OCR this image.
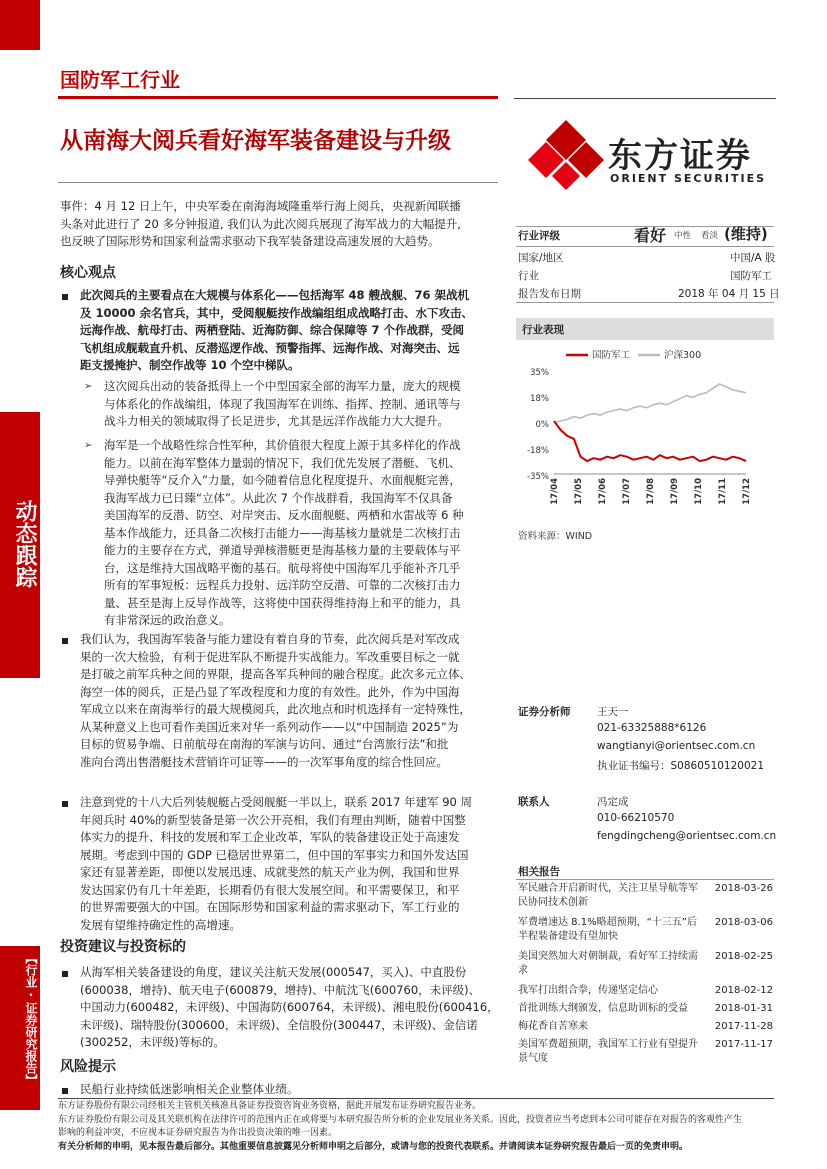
动态跟踪
【行业·证券研究报告】
国防军工行业
从南海大阅兵看好海军装备建设与升级	东方证券
ORIENT SECURITIES
事件：4 月 12 日上午，中央军委在南海海域隆重举行海上阅兵，央视新闻联播
头条对此进行了 20 多分钟报道, 我们认为此次阅兵展现了海军战力的大幅提升,
也反映了国际形势和国家利益需求驱动下我军装备建设高速发展的大趋势。
核心观点
此次阅兵的主要看点在大规模与体系化——包括海军 48 艘战舰、76 架战机
及 10000 余名官兵，其中，受阅舰艇按作战编组组成战略打击、水下攻击、
远海作战、航母打击、两栖登陆、近海防御、综合保障等 7 个作战群，受阅
飞机组成舰载直升机、反潜巡逻作战、预警指挥、远海作战、对海突击、远
距支援掩护、制空作战等 10 个空中梯队。
➢ 这次阅兵出动的装备抵得上一个中型国家全部的海军力量，庞大的规模
与体系化的作战编组，体现了我国海军在训练、指挥、控制、通讯等与
战斗力相关的领域取得了长足进步，尤其是远洋作战能力大大提升。
➢ 海军是一个战略性综合性军种，其价值很大程度上源于其多样化的作战
能力。以前在海军整体力量弱的情况下，我们优先发展了潜艇、飞机、
导弹快艇等“反介入”力量，如今随着信息化程度提升、水面舰艇完善，
我海军战力已日臻“立体”。从此次 7 个作战群看，我国海军不仅具备
美国海军的反潜、防空、对岸突击、反水面舰艇、两栖和水雷战等 6 种
基本作战能力，还具备二次核打击能力——海基核力量就是二次核打击
能力的主要存在方式，弹道导弹核潜艇更是海基核力量的主要载体与平
台，这是维持大国战略平衡的基石。航母将使中国海军几乎能补齐几乎
所有的军事短板：远程兵力投射、远洋防空反潜、可靠的二次核打击力
量、甚至是海上反导作战等，这将使中国获得维持海上和平的能力，具
有非常深远的政治意义。
我们认为，我国海军装备与能力建设有着自身的节奏，此次阅兵是对军改成
果的一次大检验，有利于促进军队不断提升实战能力。军改重要目标之一就
是打破之前军兵种之间的界限，提高各军兵种间的融合程度。此次多元立体、
海空一体的阅兵，正是凸显了军改程度和力度的有效性。此外，作为中国海
军成立以来在南海举行的最大规模阅兵，此次地点和时机选择有一定特殊性，
从某种意义上也可看作美国近来对华一系列动作——以“中国制造 2025”为
目标的贸易争端、日前航母在南海的军演与访问、通过“台湾旅行法”和批
准向台湾出售潜艇技术营销许可证等——的一次军事角度的综合性回应。
注意到党的十八大后列装舰艇占受阅舰艇一半以上，联系 2017 年建军 90 周
年阅兵时 40%的新型装备是第一次公开亮相，我们有理由判断，随着中国整
体实力的提升、科技的发展和军工企业改革，军队的装备建设正处于高速发
展期。考虑到中国的 GDP 已稳居世界第二，但中国的军事实力和国外发达国
家还有显著差距，即便以发展迅速、成就斐然的航天产业为例，我国和世界
发达国家仍有几十年差距，长期看仍有很大发展空间。和平需要保卫，和平
的世界需要强大的中国。在国际形势和国家利益的需求驱动下，军工行业的
发展有望维持确定性的高增速。
投资建议与投资标的
从海军相关装备建设的角度，建议关注航天发展(000547，买入)、中直股份
(600038，增持)、航天电子(600879，增持)、中航沈飞(600760，未评级)、
中国动力(600482，未评级)、中国海防(600764，未评级)、湘电股份(600416，
未评级)、瑞特股份(300600，未评级)、全信股份(300447，未评级)、金信诺
(300252，未评级)等标的。
风险提示
民船行业持续低迷影响相关企业整体业绩。
行业评级	看好 中性 看淡 (维持)
国家/地区	中国/A 股
行业	国防军工
报告发布日期	2018 年 04 月 15 日
行业表现
国防军工	沪深300
35%
18%
0%
-18%
-35%
17/04 17/05 17/06 17/07 17/08 17/09 17/10 17/11 17/12
资料来源：WIND
证券分析师	王天一
021-63325888*6126
wangtianyi@orientsec.com.cn
执业证书编号：S0860510120021
联系人	冯定成
010-66210570
fengdingcheng@orientsec.com.cn
相关报告
军民融合开启新时代，关注卫星导航等军 2018-03-26
民协同技术创新
军费增速达 8.1%略超预期，“十三五”后 2018-03-06
半程装备建设有望加快
美国突然加大对朝制裁，看好军工持续需 2018-02-25
求
我军打出组合拳，传递坚定信心	2018-02-12
首批训练大纲颁发，信息助训标的受益	2018-01-31
梅花香自苦寒来	2017-11-28
美国军费超预期，我国军工行业有望提升 2017-11-17
景气度
东方证券股份有限公司经相关主管机关核准具备证券投资咨询业务资格，据此开展发布证券研究报告业务。
东方证券股份有限公司及其关联机构在法律许可的范围内正在或将要与本研究报告所分析的企业发展业务关系。因此，投资者应当考虑到本公司可能存在对报告的客观性产生
影响的利益冲突，不应视本证券研究报告为作出投资决策的唯一因素。
有关分析师的申明，见本报告最后部分。其他重要信息披露见分析师申明之后部分，或请与您的投资代表联系。并请阅读本证券研究报告最后一页的免责申明。
